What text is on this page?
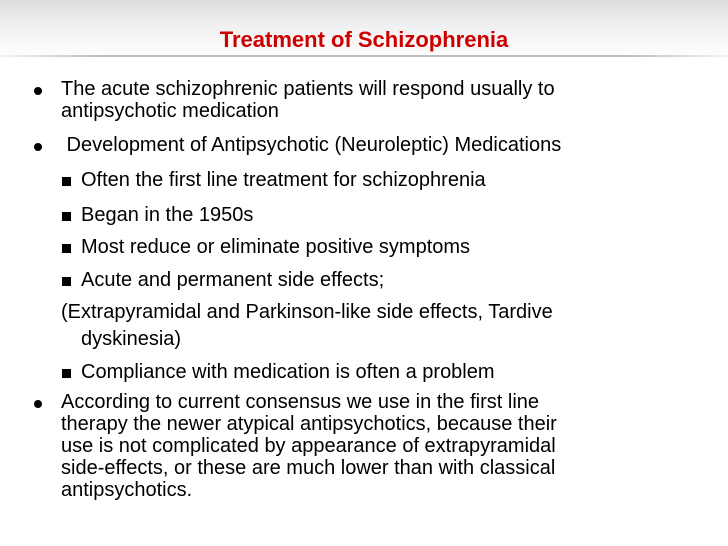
Treatment of Schizophrenia
The acute schizophrenic patients will respond usually to
antipsychotic medication
Development of Antipsychotic (Neuroleptic) Medications
Often the first line treatment for schizophrenia
Began in the 1950s
Most reduce or eliminate positive symptoms
Acute and permanent side effects;
(Extrapyramidal and Parkinson-like side effects, Tardive
dyskinesia)
Compliance with medication is often a problem
According to current consensus we use in the first line
therapy the newer atypical antipsychotics, because their
use is not complicated by appearance of extrapyramidal
side-effects, or these are much lower than with classical
antipsychotics.
